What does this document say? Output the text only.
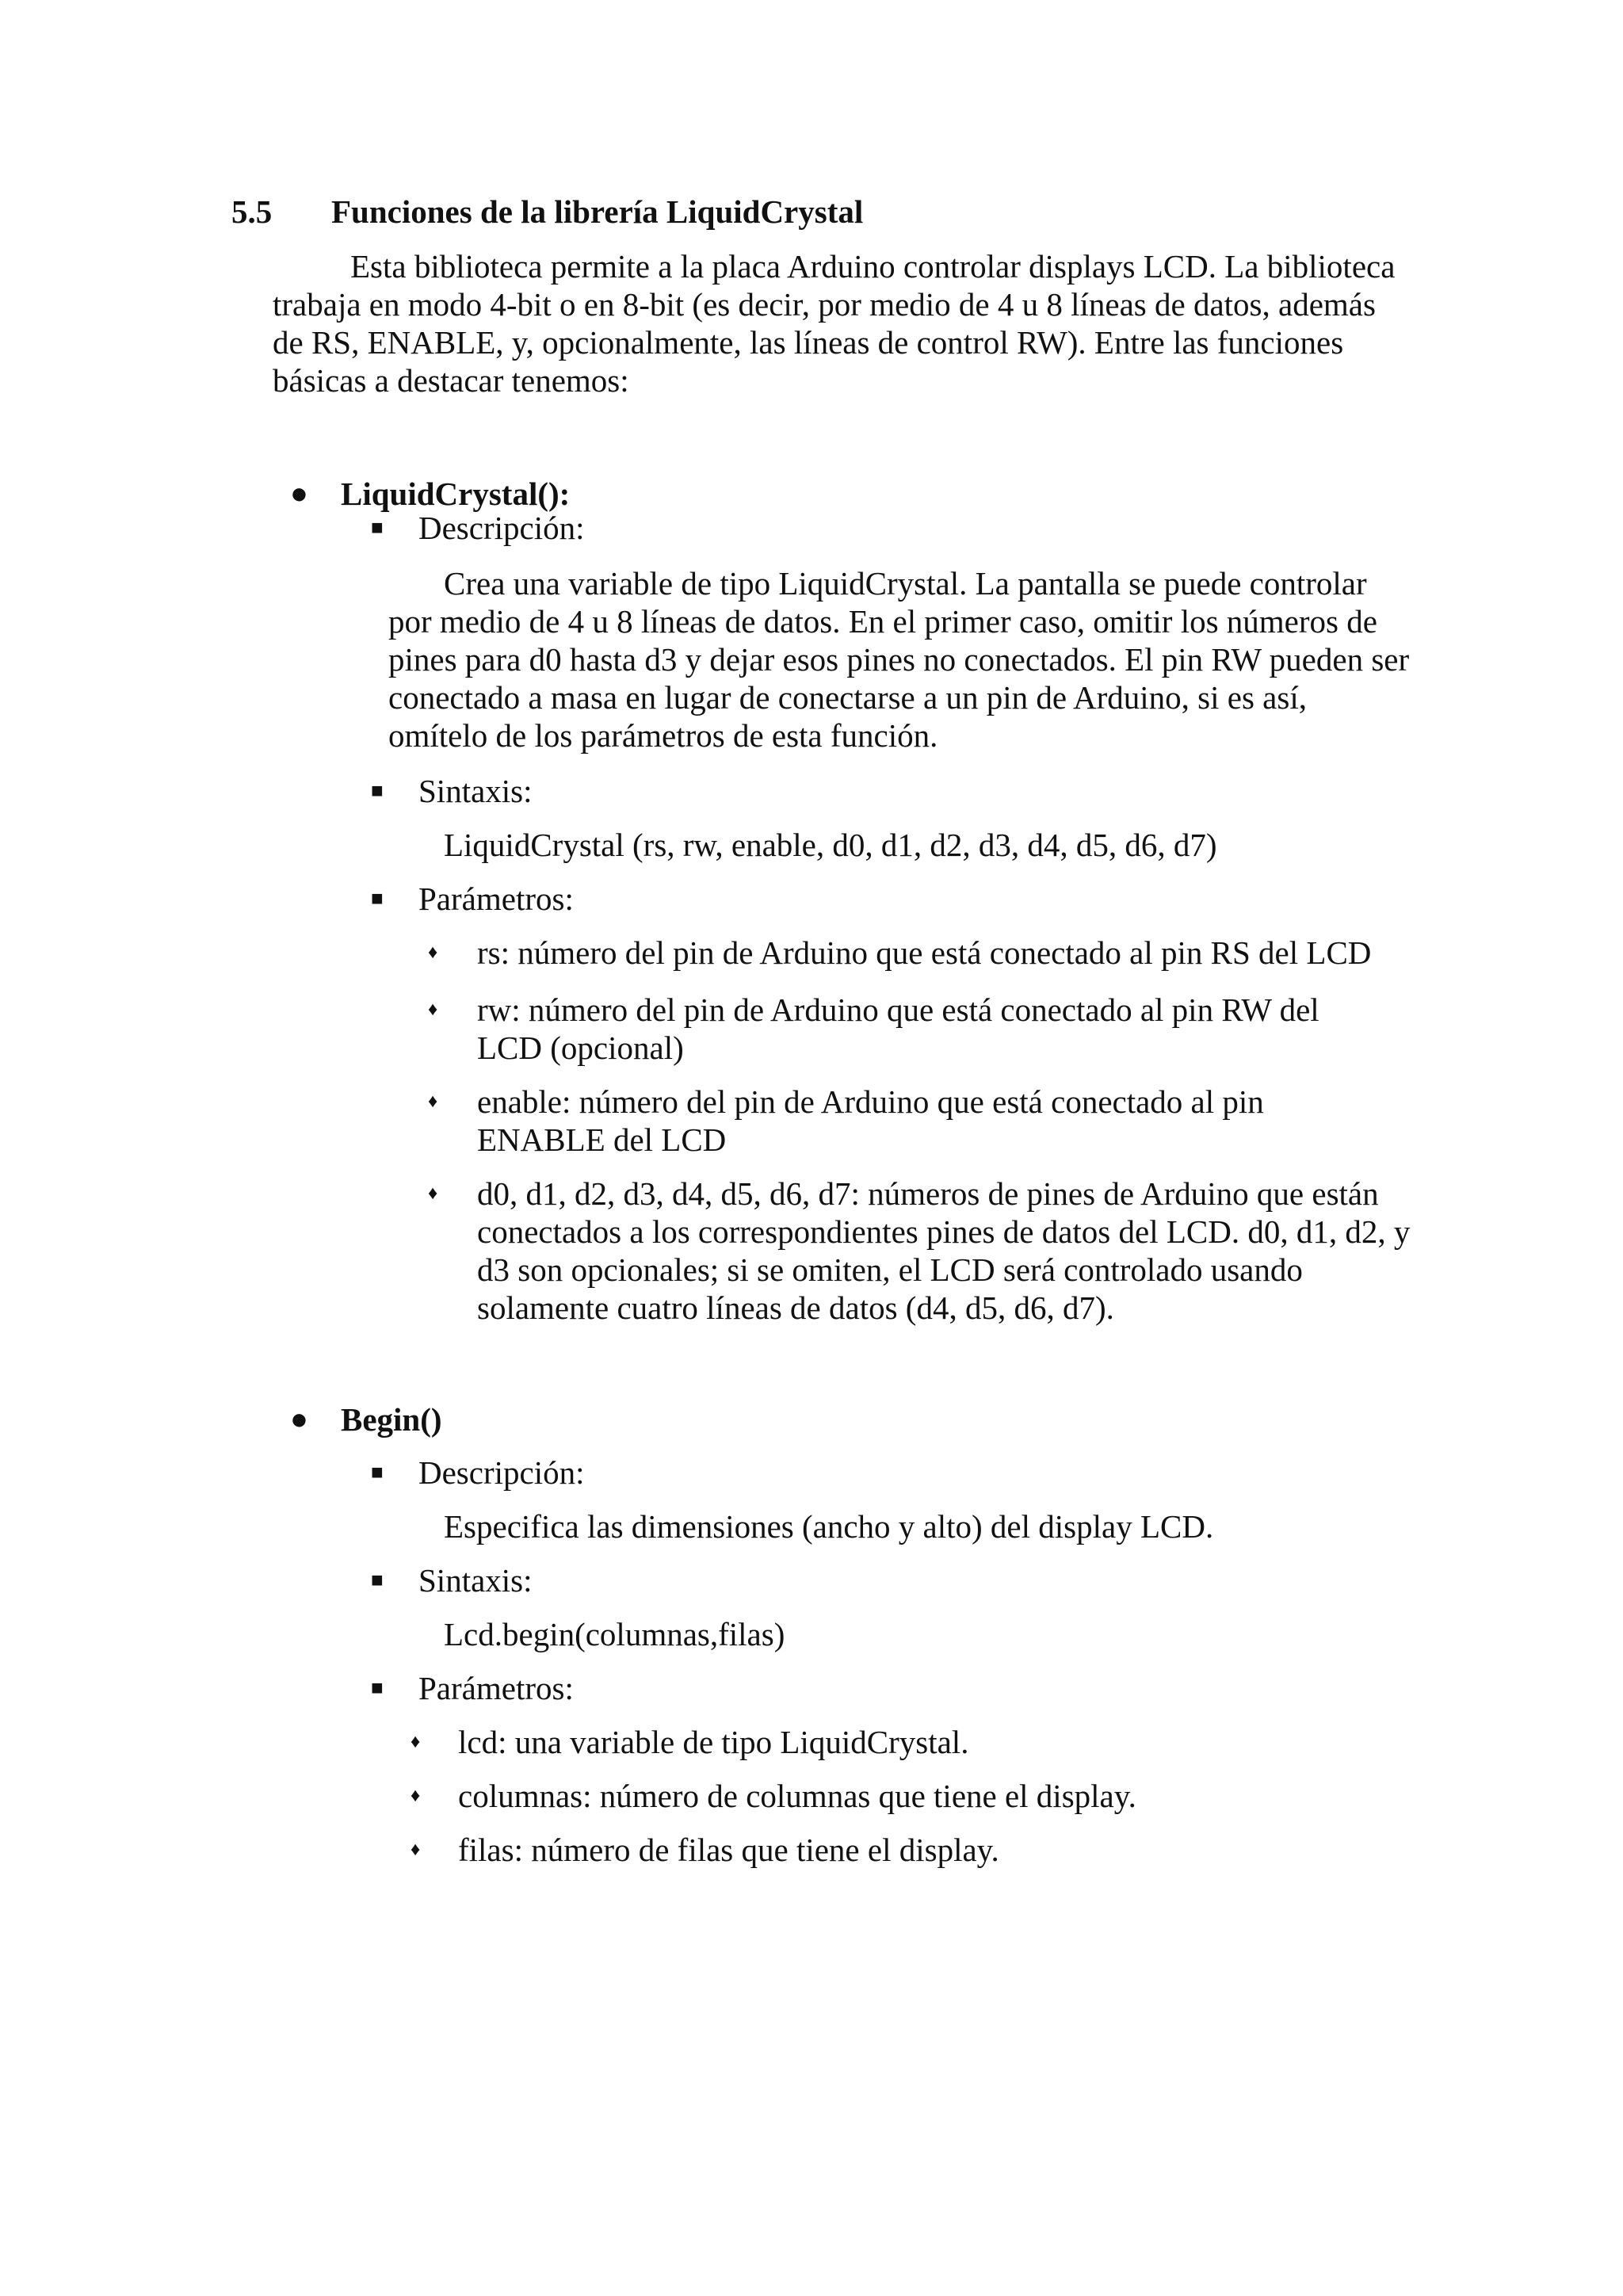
5.5 Funciones de la librería LiquidCrystal

Esta biblioteca permite a la placa Arduino controlar displays LCD. La biblioteca trabaja en modo 4-bit o en 8-bit (es decir, por medio de 4 u 8 líneas de datos, además de RS, ENABLE, y, opcionalmente, las líneas de control RW). Entre las funciones básicas a destacar tenemos:

● LiquidCrystal():
■ Descripción:

Crea una variable de tipo LiquidCrystal. La pantalla se puede controlar por medio de 4 u 8 líneas de datos. En el primer caso, omitir los números de pines para d0 hasta d3 y dejar esos pines no conectados. El pin RW pueden ser conectado a masa en lugar de conectarse a un pin de Arduino, si es así, omítelo de los parámetros de esta función.

■ Sintaxis:
LiquidCrystal (rs, rw, enable, d0, d1, d2, d3, d4, d5, d6, d7)
■ Parámetros:
♦ rs: número del pin de Arduino que está conectado al pin RS del LCD

♦ rw: número del pin de Arduino que está conectado al pin RW del LCD (opcional)

♦ enable: número del pin de Arduino que está conectado al pin ENABLE del LCD

♦ d0, d1, d2, d3, d4, d5, d6, d7: números de pines de Arduino que están conectados a los correspondientes pines de datos del LCD. d0, d1, d2, y d3 son opcionales; si se omiten, el LCD será controlado usando solamente cuatro líneas de datos (d4, d5, d6, d7).

● Begin()
■ Descripción:
Especifica las dimensiones (ancho y alto) del display LCD.
■ Sintaxis:
Lcd.begin(columnas,filas)
■ Parámetros:
♦ lcd: una variable de tipo LiquidCrystal.
♦ columnas: número de columnas que tiene el display.
♦ filas: número de filas que tiene el display.
